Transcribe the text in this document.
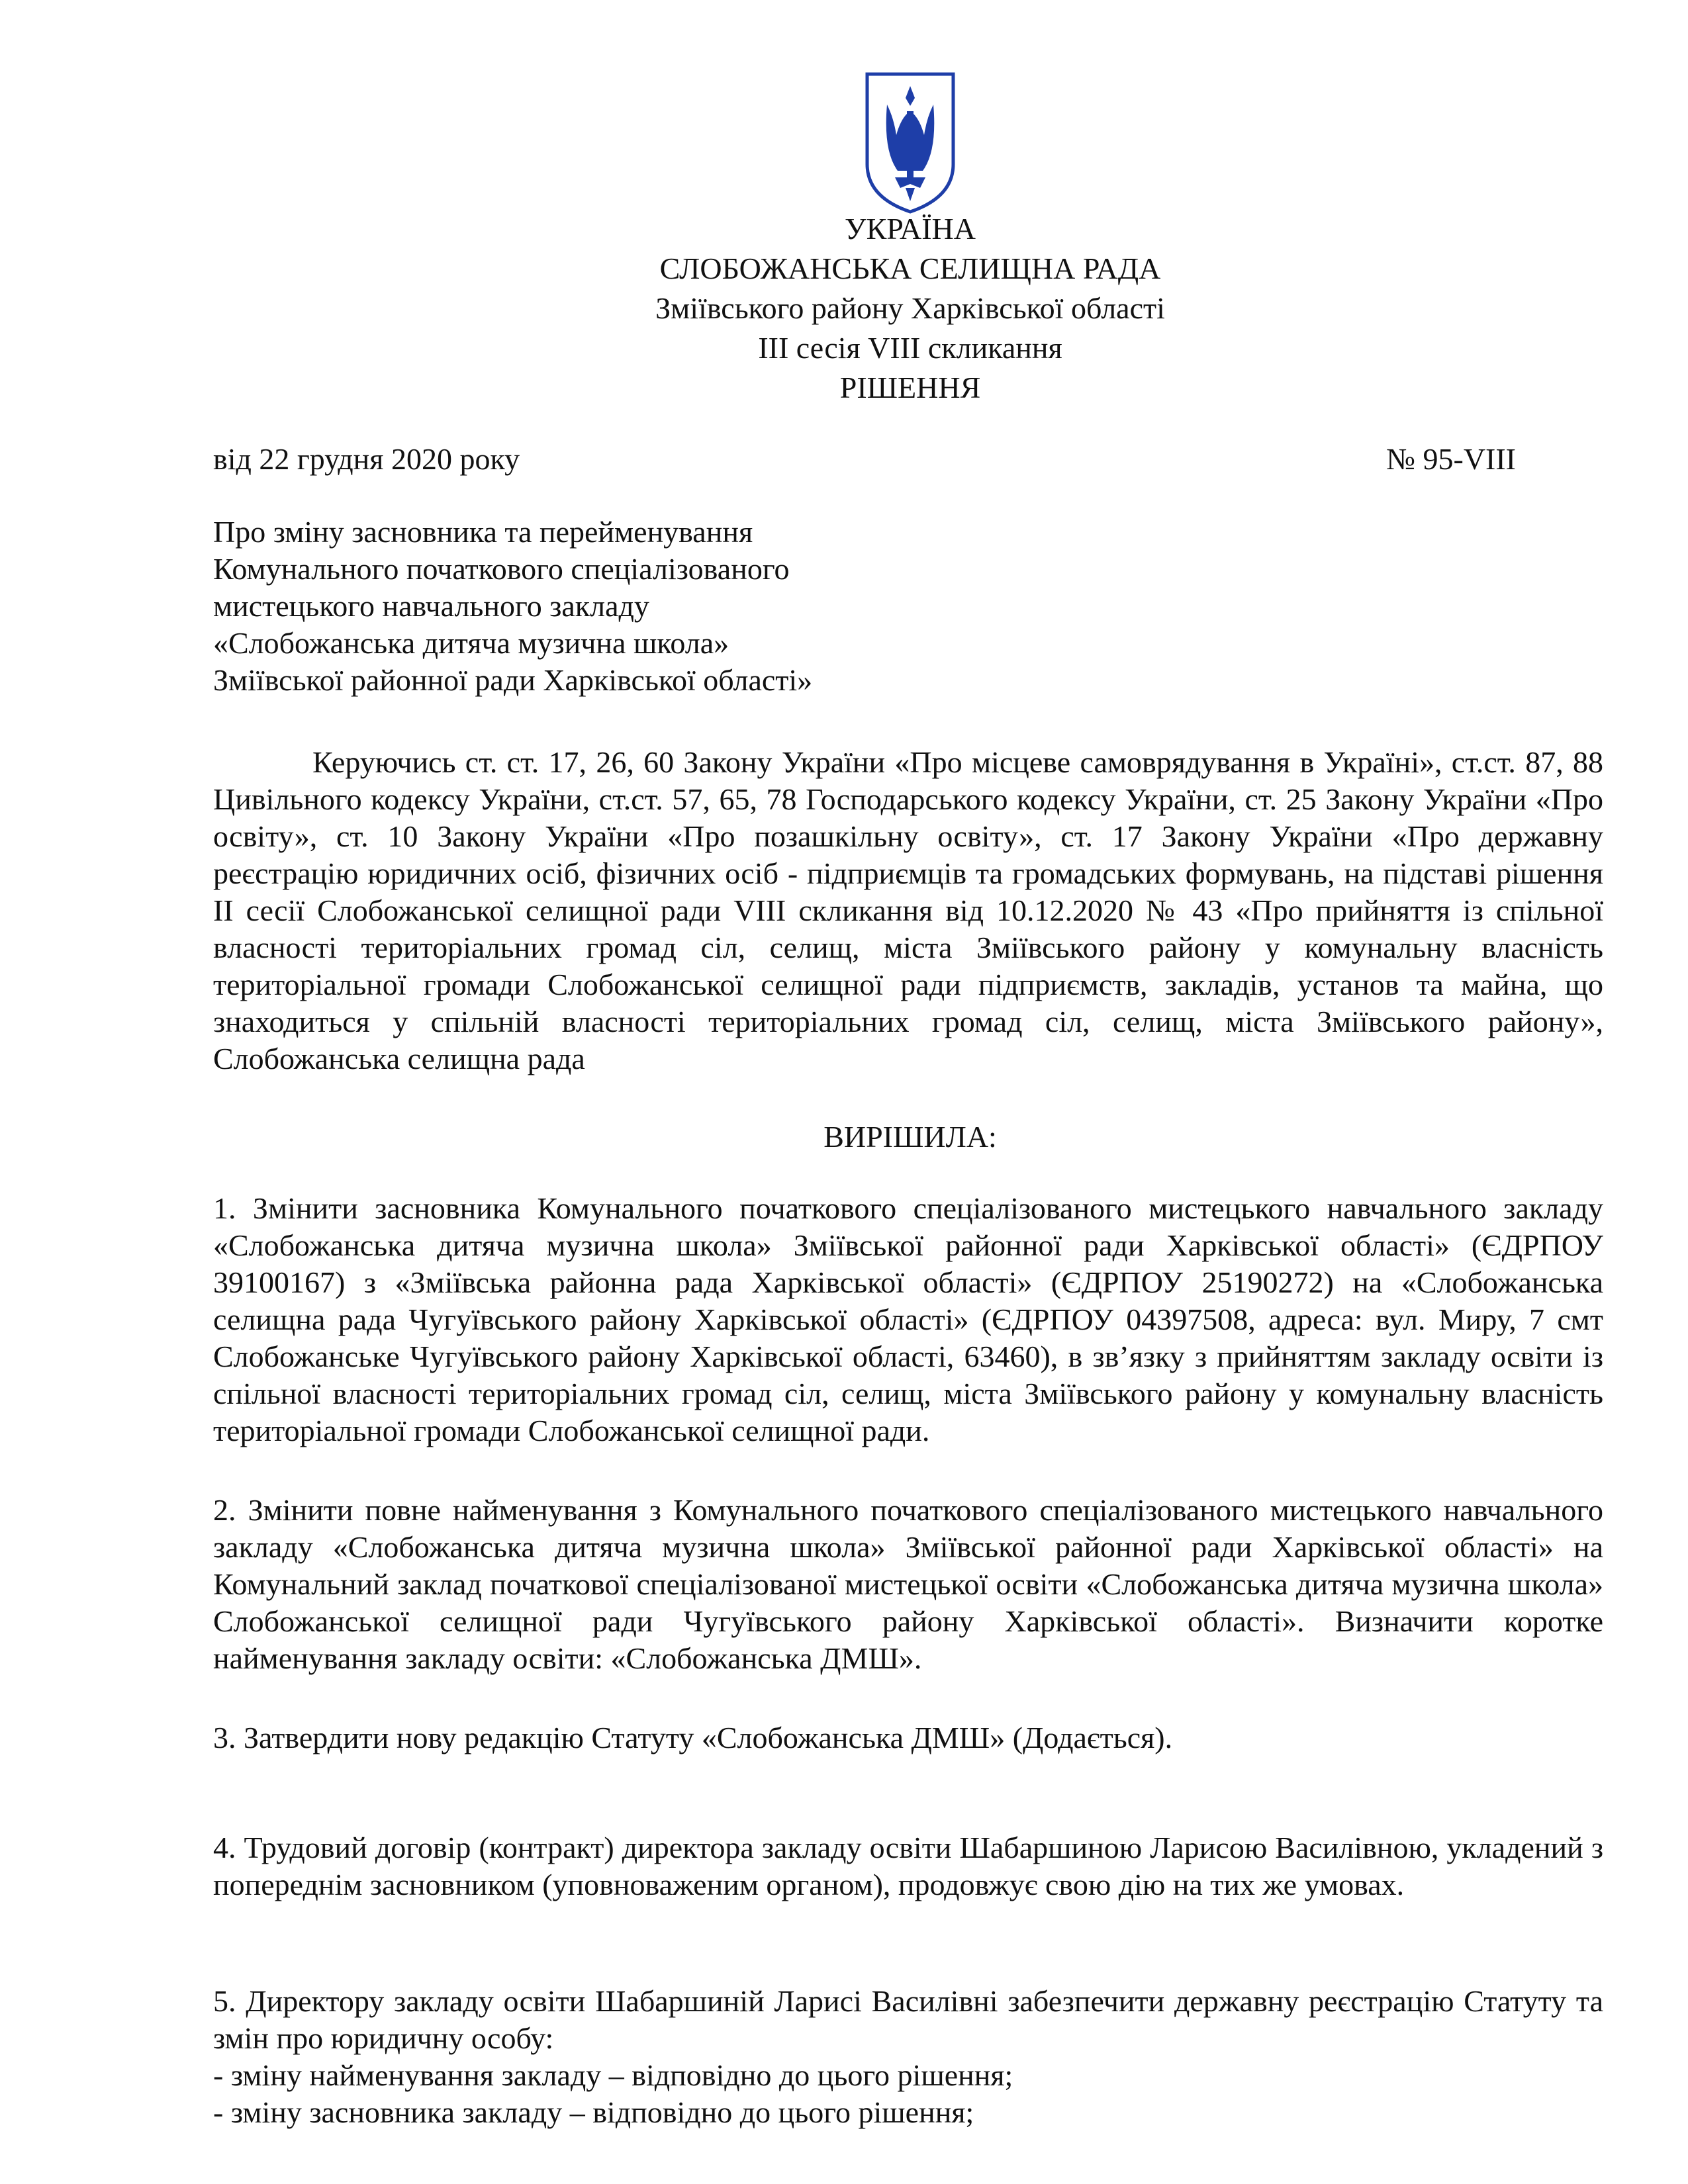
УКРАЇНА
СЛОБОЖАНСЬКА СЕЛИЩНА РАДА
Зміївського району Харківської області
ІІІ сесія VIII скликання
РІШЕННЯ
від 22 грудня 2020 року	№ 95-VIII
Про зміну засновника та перейменування
Комунального початкового спеціалізованого
мистецького навчального закладу
«Слобожанська дитяча музична школа»
Зміївської районної ради Харківської області»

Керуючись ст. ст. 17, 26, 60 Закону України «Про місцеве самоврядування в Україні», ст.ст. 87, 88 Цивільного кодексу України, ст.ст. 57, 65, 78 Господарського кодексу України, ст. 25 Закону України «Про освіту», ст. 10 Закону України «Про позашкільну освіту», ст. 17 Закону України «Про державну реєстрацію юридичних осіб, фізичних осіб - підприємців та громадських формувань, на підставі рішення ІІ сесії Слобожанської селищної ради VIII скликання від 10.12.2020 № 43 «Про прийняття із спільної власності територіальних громад сіл, селищ, міста Зміївського району у комунальну власність територіальної громади Слобожанської селищної ради підприємств, закладів, установ та майна, що знаходиться у спільній власності територіальних громад сіл, селищ, міста Зміївського району», Слобожанська селищна рада

ВИРІШИЛА:

1. Змінити засновника Комунального початкового спеціалізованого мистецького навчального закладу «Слобожанська дитяча музична школа» Зміївської районної ради Харківської області» (ЄДРПОУ 39100167) з «Зміївська районна рада Харківської області» (ЄДРПОУ 25190272) на «Слобожанська селищна рада Чугуївського району Харківської області» (ЄДРПОУ 04397508, адреса: вул. Миру, 7 смт Слобожанське Чугуївського району Харківської області, 63460), в зв’язку з прийняттям закладу освіти із спільної власності територіальних громад сіл, селищ, міста Зміївського району у комунальну власність територіальної громади Слобожанської селищної ради.

2. Змінити повне найменування з Комунального початкового спеціалізованого мистецького навчального закладу «Слобожанська дитяча музична школа» Зміївської районної ради Харківської області» на Комунальний заклад початкової спеціалізованої мистецької освіти «Слобожанська дитяча музична школа» Слобожанської селищної ради Чугуївського району Харківської області». Визначити коротке найменування закладу освіти: «Слобожанська ДМШ».

3. Затвердити нову редакцію Статуту «Слобожанська ДМШ» (Додається).

4. Трудовий договір (контракт) директора закладу освіти Шабаршиною Ларисою Василівною, укладений з попереднім засновником (уповноваженим органом), продовжує свою дію на тих же умовах.

5. Директору закладу освіти Шабаршиній Ларисі Василівні забезпечити державну реєстрацію Статуту та змін про юридичну особу:

- зміну найменування закладу – відповідно до цього рішення;
- зміну засновника закладу – відповідно до цього рішення;
